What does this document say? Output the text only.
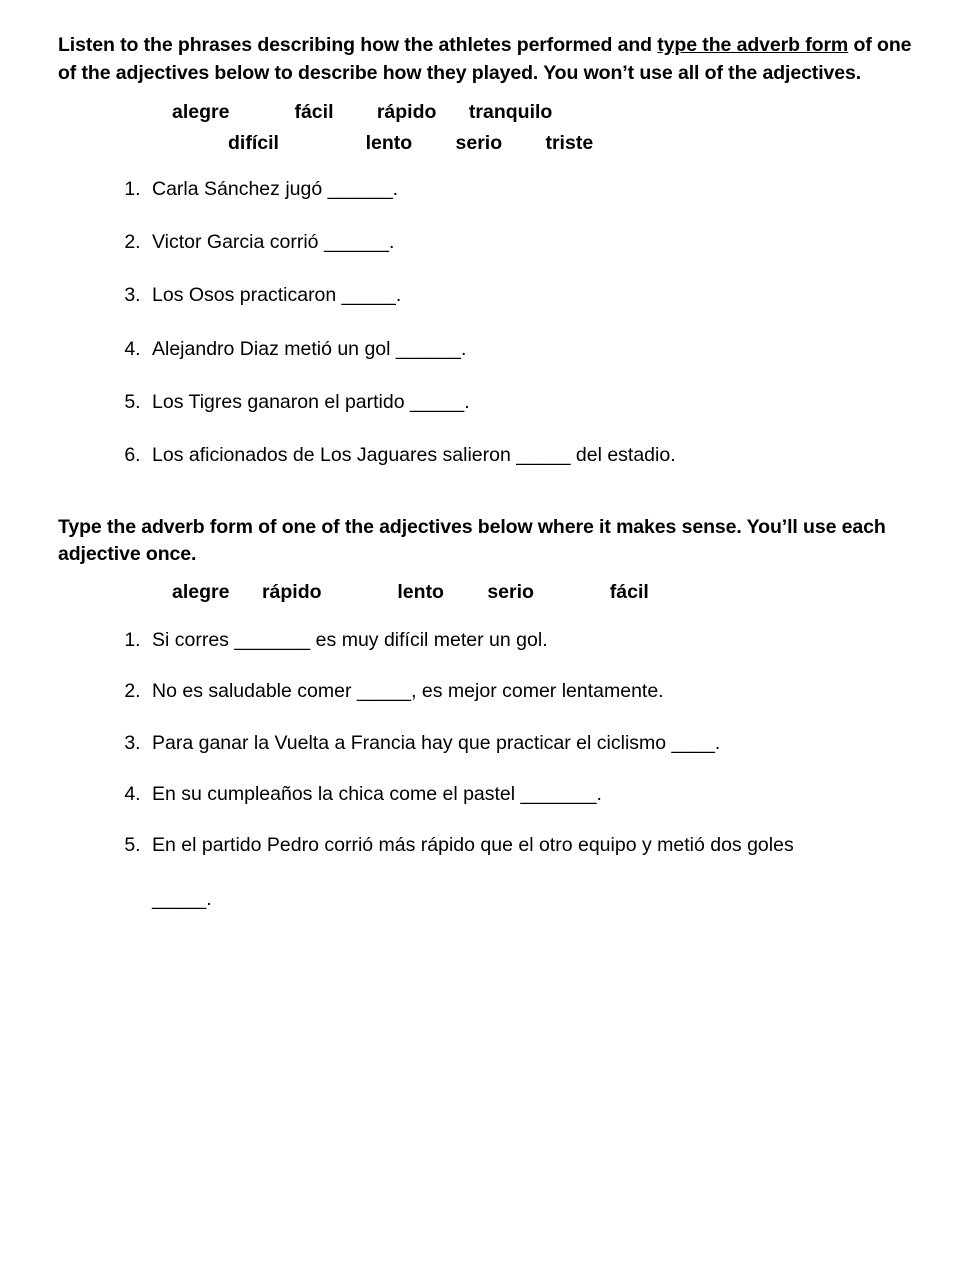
Listen to the phrases describing how the athletes performed and type the adverb form of one of the adjectives below to describe how they played. You won’t use all of the adjectives.

alegre            fácil        rápido      tranquilo
difícil                lento        serio        triste
1. Carla Sánchez jugó ______.
2. Victor Garcia corrió ______.
3. Los Osos practicaron _____.
4. Alejandro Diaz metió un gol ______.
5. Los Tigres ganaron el partido _____.
6. Los aficionados de Los Jaguares salieron _____ del estadio.

Type the adverb form of one of the adjectives below where it makes sense. You’ll use each adjective once.

alegre      rápido              lento        serio              fácil
1. Si corres _______ es muy difícil meter un gol.
2. No es saludable comer _____, es mejor comer lentamente.
3. Para ganar la Vuelta a Francia hay que practicar el ciclismo ____.
4. En su cumpleaños la chica come el pastel _______.
5. En el partido Pedro corrió más rápido que el otro equipo y metió dos goles
_____.
